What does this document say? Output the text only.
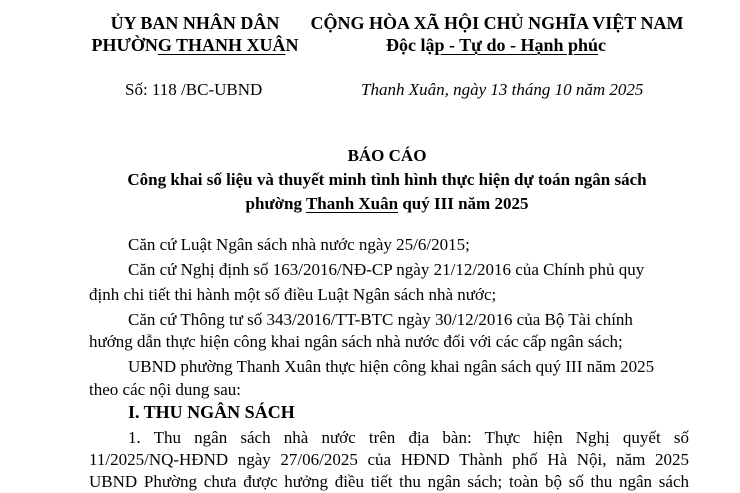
ỦY BAN NHÂN DÂN
PHƯỜNG THANH XUÂN
CỘNG HÒA XÃ HỘI CHỦ NGHĨA VIỆT NAM
Độc lập - Tự do - Hạnh phúc
Số: 118 /BC-UBND	Thanh Xuân, ngày 13 tháng 10 năm 2025
BÁO CÁO
Công khai số liệu và thuyết minh tình hình thực hiện dự toán ngân sách
phường Thanh Xuân quý III năm 2025
Căn cứ Luật Ngân sách nhà nước ngày 25/6/2015;
Căn cứ Nghị định số 163/2016/NĐ-CP ngày 21/12/2016 của Chính phủ quy
định chi tiết thi hành một số điều Luật Ngân sách nhà nước;
Căn cứ Thông tư số 343/2016/TT-BTC ngày 30/12/2016 của Bộ Tài chính
hướng dẫn thực hiện công khai ngân sách nhà nước đối với các cấp ngân sách;
UBND phường Thanh Xuân thực hiện công khai ngân sách quý III năm 2025
theo các nội dung sau:
I. THU NGÂN SÁCH
1. Thu ngân sách nhà nước trên địa bàn: Thực hiện Nghị quyết số
11/2025/NQ-HĐND ngày 27/06/2025 của HĐND Thành phố Hà Nội, năm 2025
UBND Phường chưa được hưởng điều tiết thu ngân sách; toàn bộ số thu ngân sách
